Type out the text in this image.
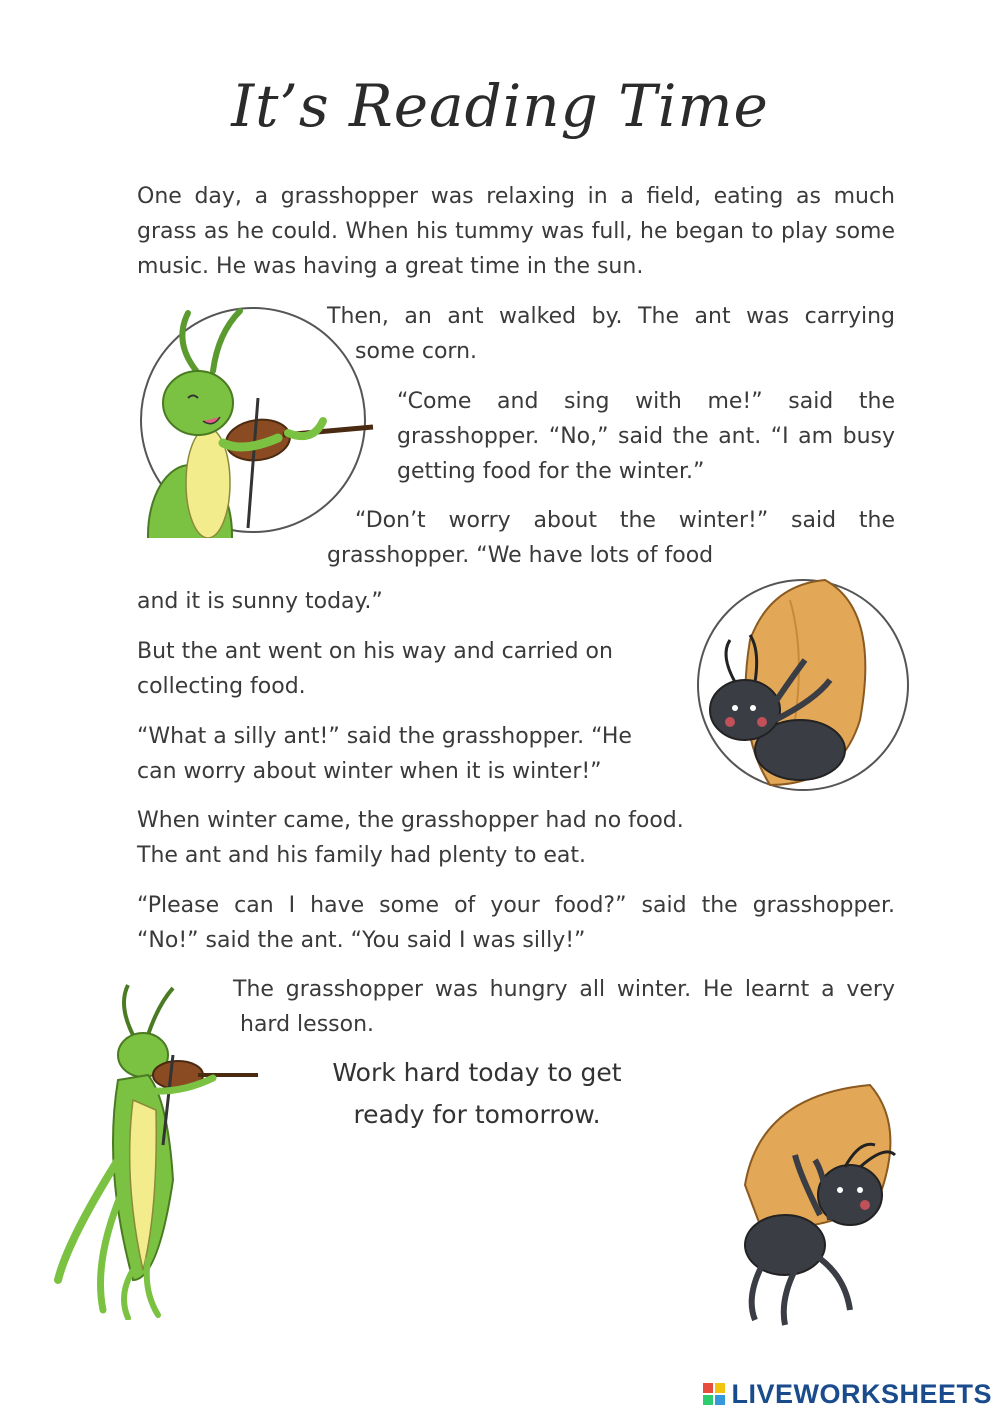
It’s Reading Time

One day, a grasshopper was relaxing in a field, eating as much grass as he could. When his tummy was full, he began to play some music. He was having a great time in the sun.

Then, an ant walked by. The ant was carrying
some corn.

“Come and sing with me!” said the grasshopper. “No,” said the ant. “I am busy getting food for the winter.”

“Don’t worry about the winter!” said the
grasshopper. “We have lots of food
and it is sunny today.”

But the ant went on his way and carried on collecting food.

“What a silly ant!” said the grasshopper. “He can worry about winter when it is winter!”

When winter came, the grasshopper had no food.
The ant and his family had plenty to eat.
“Please can I have some of your food?” said the grasshopper.
“No!” said the ant. “You said I was silly!”
The grasshopper was hungry all winter. He learnt a very
hard lesson.
Work hard today to get ready for tomorrow.
LIVEWORKSHEETS
